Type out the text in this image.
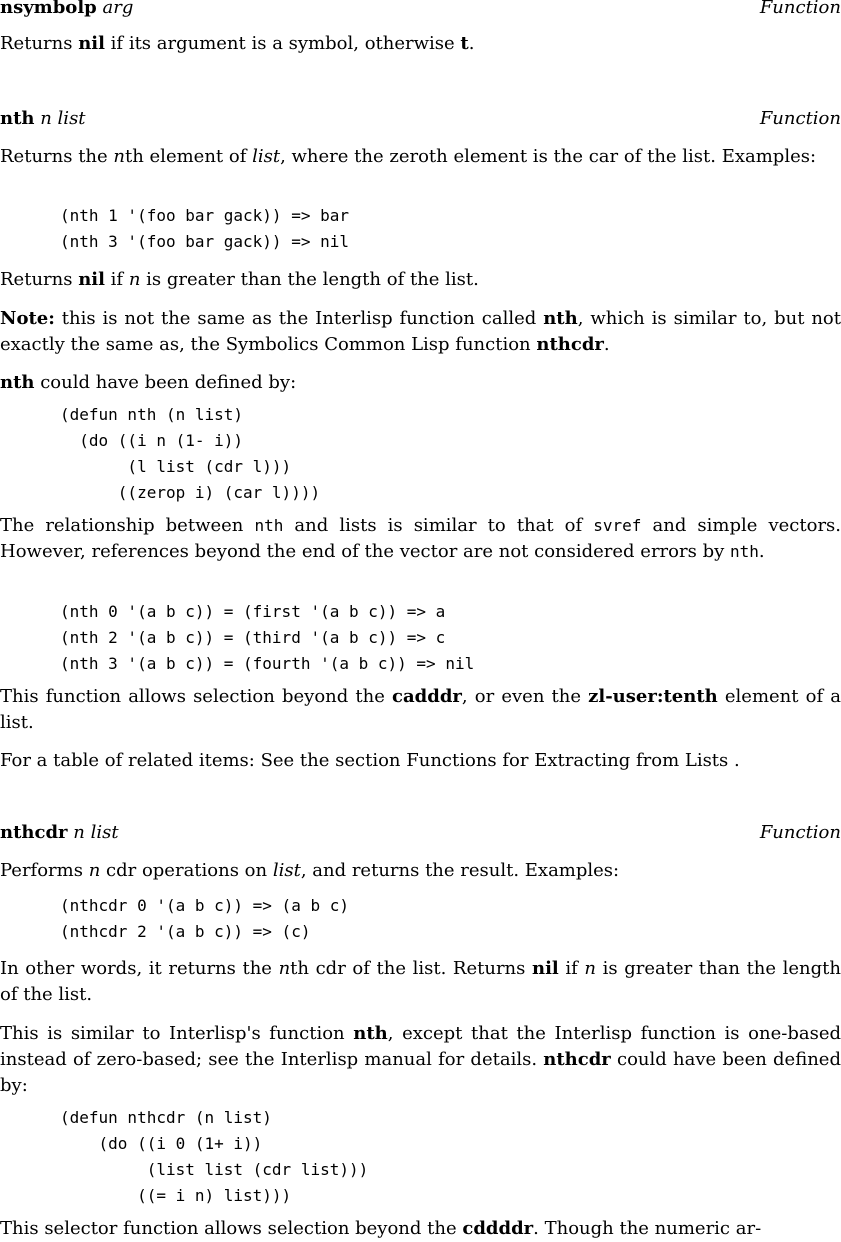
nsymbolp arg	Function
Returns nil if its argument is a symbol, otherwise t.
nth n list	Function
Returns the nth element of list, where the zeroth element is the car of the list. Examples:
(nth 1 '(foo bar gack)) => bar
(nth 3 '(foo bar gack)) => nil
Returns nil if n is greater than the length of the list.
Note: this is not the same as the Interlisp function called nth, which is similar to, but not exactly the same as, the Symbolics Common Lisp function nthcdr.
nth could have been defined by:
(defun nth (n list)
(do ((i n (1- i))
(l list (cdr l)))
((zerop i) (car l))))
The relationship between nth and lists is similar to that of svref and simple vectors. However, references beyond the end of the vector are not considered errors by nth.
(nth 0 '(a b c)) = (first '(a b c)) => a
(nth 2 '(a b c)) = (third '(a b c)) => c
(nth 3 '(a b c)) = (fourth '(a b c)) => nil
This function allows selection beyond the cadddr, or even the zl-user:tenth element of a list.
For a table of related items: See the section Functions for Extracting from Lists .
nthcdr n list	Function
Performs n cdr operations on list, and returns the result. Examples:
(nthcdr 0 '(a b c)) => (a b c)
(nthcdr 2 '(a b c)) => (c)
In other words, it returns the nth cdr of the list. Returns nil if n is greater than the length of the list.
This is similar to Interlisp's function nth, except that the Interlisp function is one-based instead of zero-based; see the Interlisp manual for details. nthcdr could have been defined by:
(defun nthcdr (n list)
(do ((i 0 (1+ i))
(list list (cdr list)))
((= i n) list)))
This selector function allows selection beyond the cddddr. Though the numeric ar-
